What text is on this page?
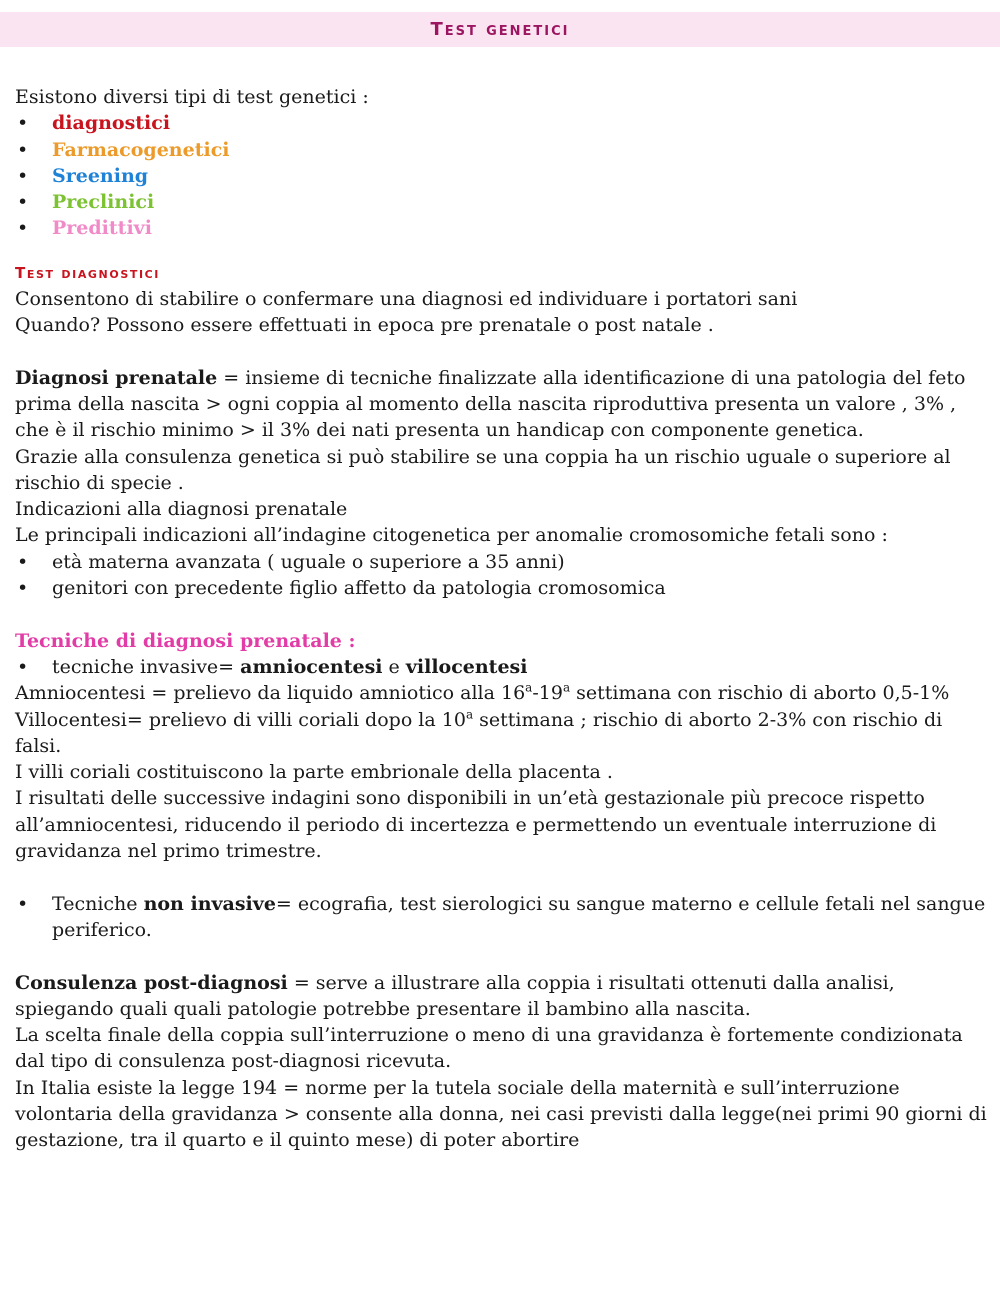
Test genetici

Esistono diversi tipi di test genetici :

• diagnostici

• Farmacogenetici

• Sreening

• Preclinici

• Predittivi

Test diagnostici

Consentono di stabilire o confermare una diagnosi ed individuare i portatori sani

Quando? Possono essere effettuati in epoca pre prenatale o post natale .

Diagnosi prenatale = insieme di tecniche finalizzate alla identificazione di una patologia del feto prima della nascita > ogni coppia al momento della nascita riproduttiva presenta un valore , 3% , che è il rischio minimo > il 3% dei nati presenta un handicap con componente genetica.

Grazie alla consulenza genetica si può stabilire se una coppia ha un rischio uguale o superiore al rischio di specie .

Indicazioni alla diagnosi prenatale

Le principali indicazioni all’indagine citogenetica per anomalie cromosomiche fetali sono :

• età materna avanzata ( uguale o superiore a 35 anni)

• genitori con precedente figlio affetto da patologia cromosomica

Tecniche di diagnosi prenatale :

• tecniche invasive= amniocentesi e villocentesi

Amniocentesi = prelievo da liquido amniotico alla 16$^a$-19$^a$ settimana con rischio di aborto 0,5-1%

Villocentesi= prelievo di villi coriali dopo la 10$^a$ settimana ; rischio di aborto 2-3% con rischio di falsi.

I villi coriali costituiscono la parte embrionale della placenta .

I risultati delle successive indagini sono disponibili in un’età gestazionale più precoce rispetto all’amniocentesi, riducendo il periodo di incertezza e permettendo un eventuale interruzione di gravidanza nel primo trimestre.

• Tecniche non invasive= ecografia, test sierologici su sangue materno e cellule fetali nel sangue periferico.

Consulenza post-diagnosi = serve a illustrare alla coppia i risultati ottenuti dalla analisi, spiegando quali quali patologie potrebbe presentare il bambino alla nascita.

La scelta finale della coppia sull’interruzione o meno di una gravidanza è fortemente condizionata dal tipo di consulenza post-diagnosi ricevuta.

In Italia esiste la legge 194 = norme per la tutela sociale della maternità e sull’interruzione volontaria della gravidanza > consente alla donna, nei casi previsti dalla legge(nei primi 90 giorni di gestazione, tra il quarto e il quinto mese) di poter abortire
